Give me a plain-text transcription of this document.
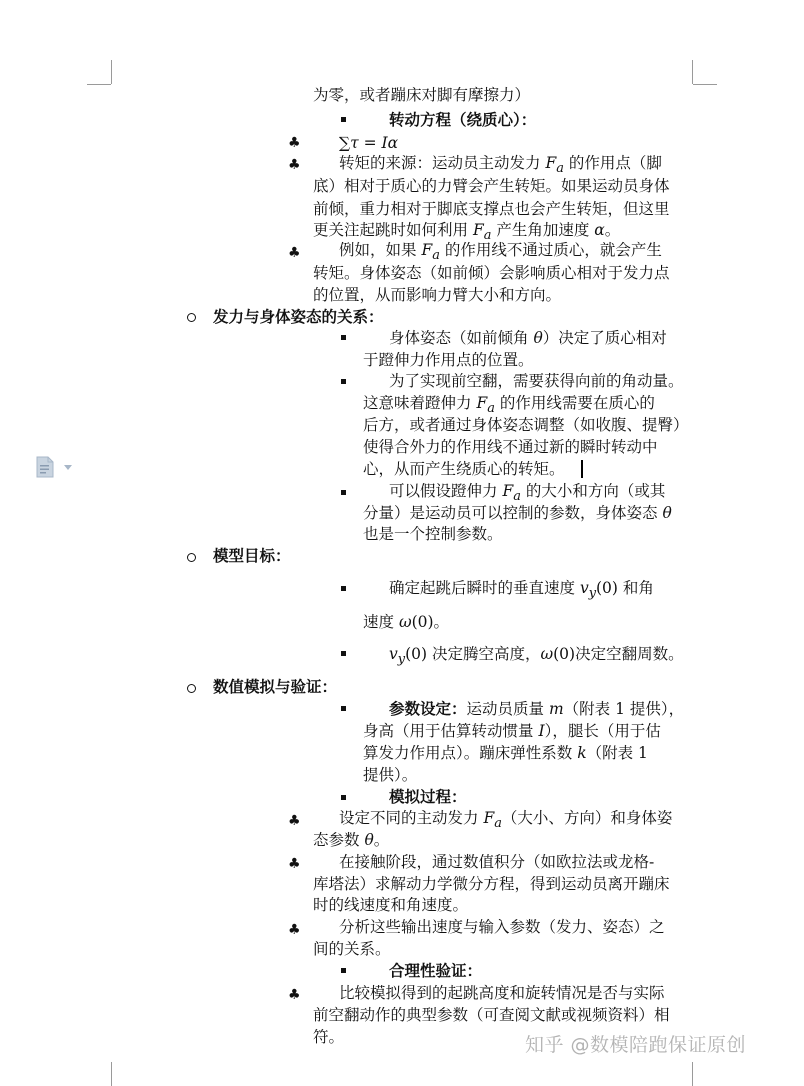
为零，或者蹦床对脚有摩擦力）
转动方程（绕质心）：
♣ ∑τ = Iα
♣ 转矩的来源：运动员主动发力 $F_a$ 的作用点（脚
底）相对于质心的力臂会产生转矩。如果运动员身体
前倾，重力相对于脚底支撑点也会产生转矩，但这里
更关注起跳时如何利用 $F_a$ 产生角加速度 α。
♣ 例如，如果 $F_a$ 的作用线不通过质心，就会产生
转矩。身体姿态（如前倾）会影响质心相对于发力点
的位置，从而影响力臂大小和方向。
发力与身体姿态的关系：
身体姿态（如前倾角 θ）决定了质心相对
于蹬伸力作用点的位置。
为了实现前空翻，需要获得向前的角动量。
这意味着蹬伸力 $F_a$ 的作用线需要在质心的
后方，或者通过身体姿态调整（如收腹、提臀）
使得合外力的作用线不通过新的瞬时转动中
心，从而产生绕质心的转矩。
可以假设蹬伸力 $F_a$ 的大小和方向（或其
分量）是运动员可以控制的参数，身体姿态 θ
也是一个控制参数。
模型目标：
确定起跳后瞬时的垂直速度 $v_y(0)$ 和角
速度 ω(0)。
$v_y(0)$ 决定腾空高度，ω(0)决定空翻周数。
数值模拟与验证：
参数设定：运动员质量 m（附表 1 提供），
身高（用于估算转动惯量 I），腿长（用于估
算发力作用点）。蹦床弹性系数 k（附表 1
提供）。
模拟过程：
♣ 设定不同的主动发力 $F_a$（大小、方向）和身体姿
态参数 θ。
♣ 在接触阶段，通过数值积分（如欧拉法或龙格-
库塔法）求解动力学微分方程，得到运动员离开蹦床
时的线速度和角速度。
♣ 分析这些输出速度与输入参数（发力、姿态）之
间的关系。
合理性验证：
♣ 比较模拟得到的起跳高度和旋转情况是否与实际
前空翻动作的典型参数（可查阅文献或视频资料）相
符。	知乎 @数模陪跑保证原创
